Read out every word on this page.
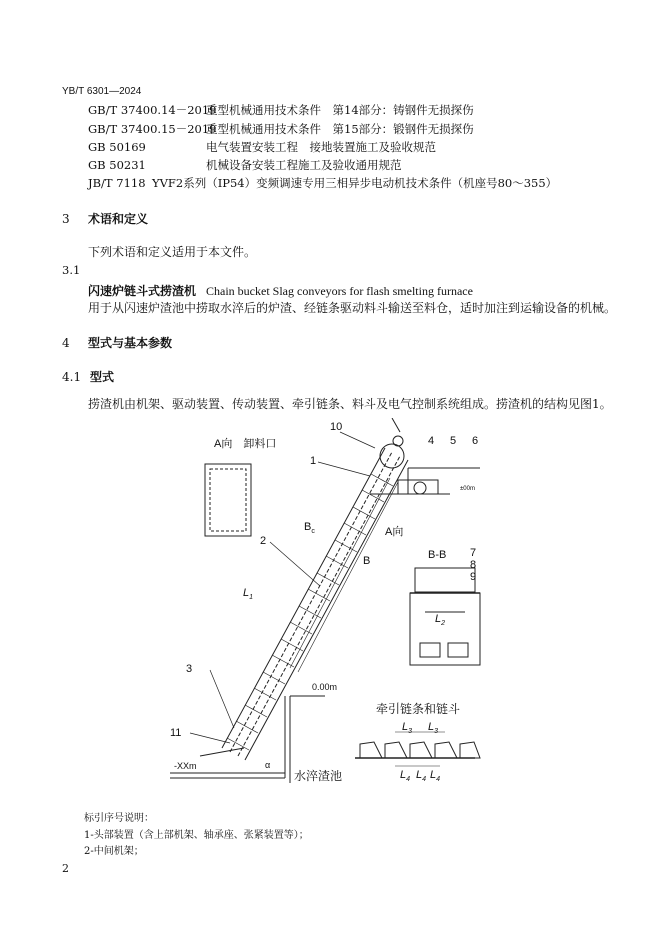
YB/T 6301—2024
GB/T 37400.14－2019重型机械通用技术条件　第14部分：铸钢件无损探伤
GB/T 37400.15－2019重型机械通用技术条件　第15部分：锻钢件无损探伤
GB 50169	电气装置安装工程　接地装置施工及验收规范
GB 50231	机械设备安装工程施工及验收通用规范
JB/T 7118 YVF2系列（IP54）变频调速专用三相异步电动机技术条件（机座号80～355）
3 术语和定义
下列术语和定义适用于本文件。
3.1
闪速炉链斗式捞渣机 Chain bucket Slag conveyors for flash smelting furnace
用于从闪速炉渣池中捞取水淬后的炉渣、经链条驱动料斗输送至料仓，适时加注到运输设备的机械。
4 型式与基本参数
4.1 型式
捞渣机由机架、驱动装置、传动装置、牵引链条、料斗及电气控制系统组成。捞渣机的结构见图1。
A向　卸料口
A向
B-B
牵引链条和链斗
水淬渣池
0.00m
-XXm
±00m
α
10
1
2
3
11
4 5 6
7
8
9
$L_1$
$L_2$
$L_3$ $L_3$
$L_4$ $L_4$ $L_4$
B
$B_c$
标引序号说明：
1-头部装置（含上部机架、轴承座、张紧装置等）；
2-中间机架；
2
